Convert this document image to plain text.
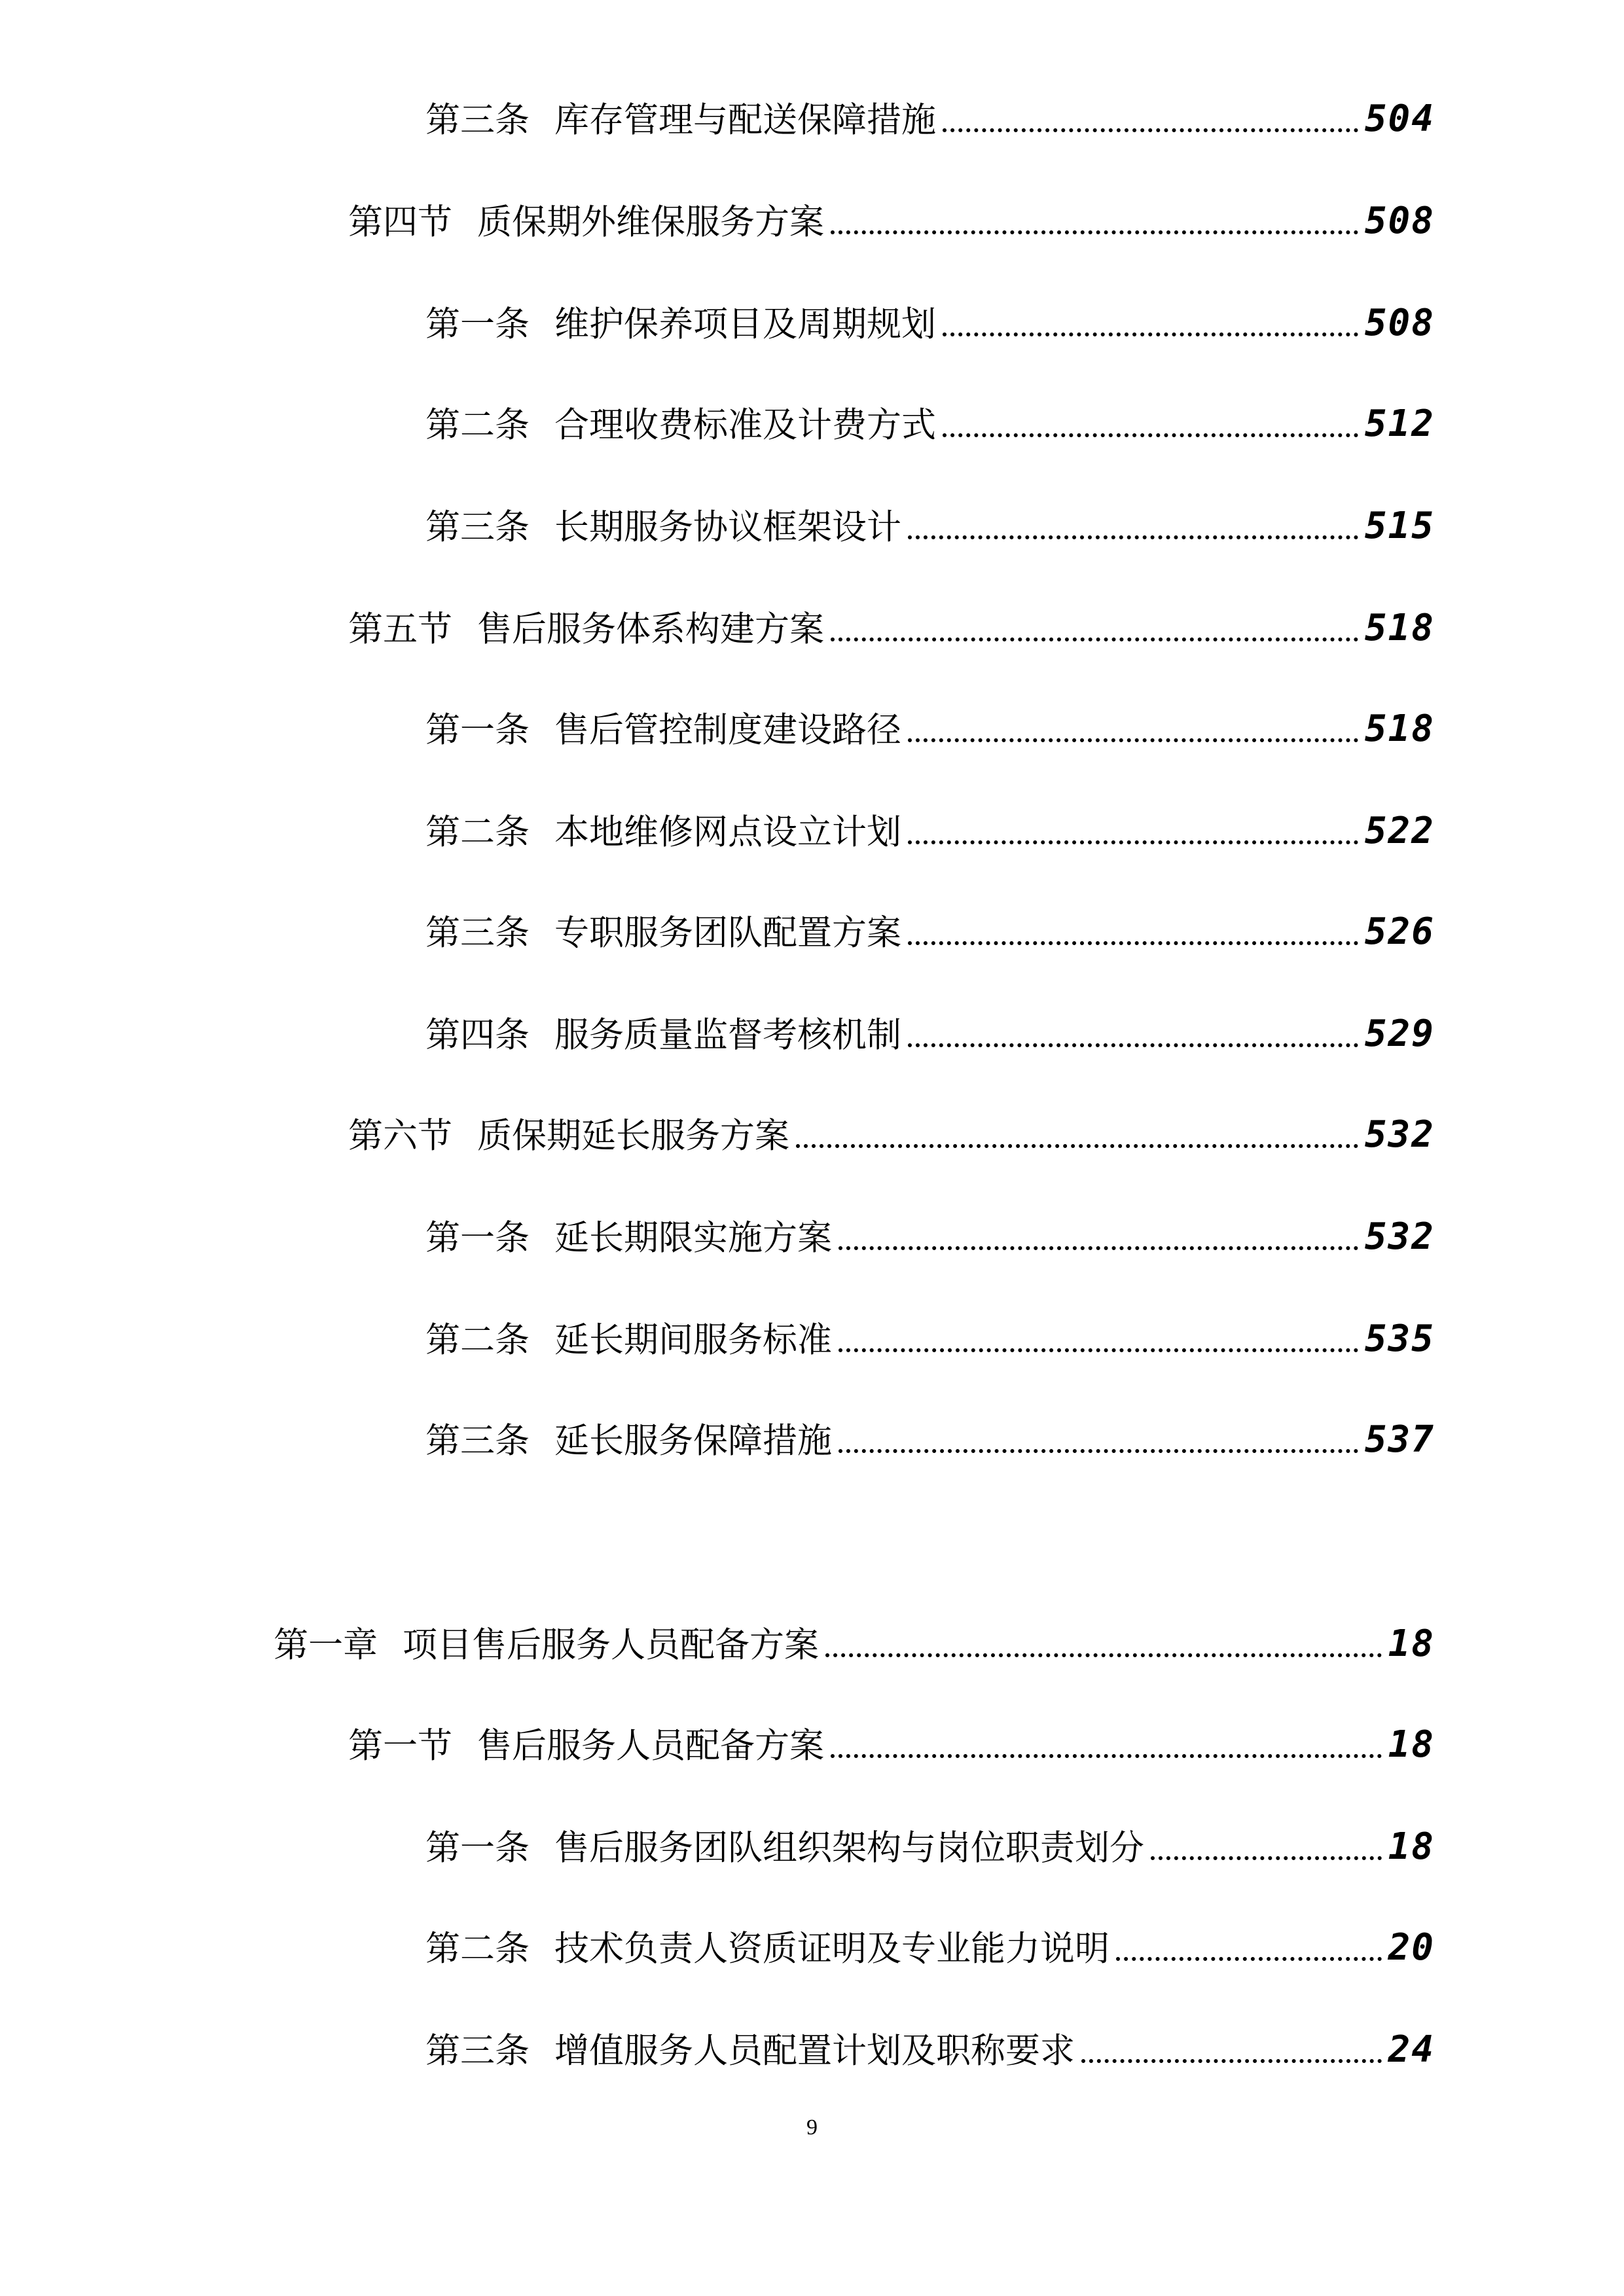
第三条 库存管理与配送保障措施	504
第四节 质保期外维保服务方案	508
第一条 维护保养项目及周期规划	508
第二条 合理收费标准及计费方式	512
第三条 长期服务协议框架设计	515
第五节 售后服务体系构建方案	518
第一条 售后管控制度建设路径	518
第二条 本地维修网点设立计划	522
第三条 专职服务团队配置方案	526
第四条 服务质量监督考核机制	529
第六节 质保期延长服务方案	532
第一条 延长期限实施方案	532
第二条 延长期间服务标准	535
第三条 延长服务保障措施	537
第一章 项目售后服务人员配备方案	18
第一节 售后服务人员配备方案	18
第一条 售后服务团队组织架构与岗位职责划分	18
第二条 技术负责人资质证明及专业能力说明	20
第三条 增值服务人员配置计划及职称要求	24
9
